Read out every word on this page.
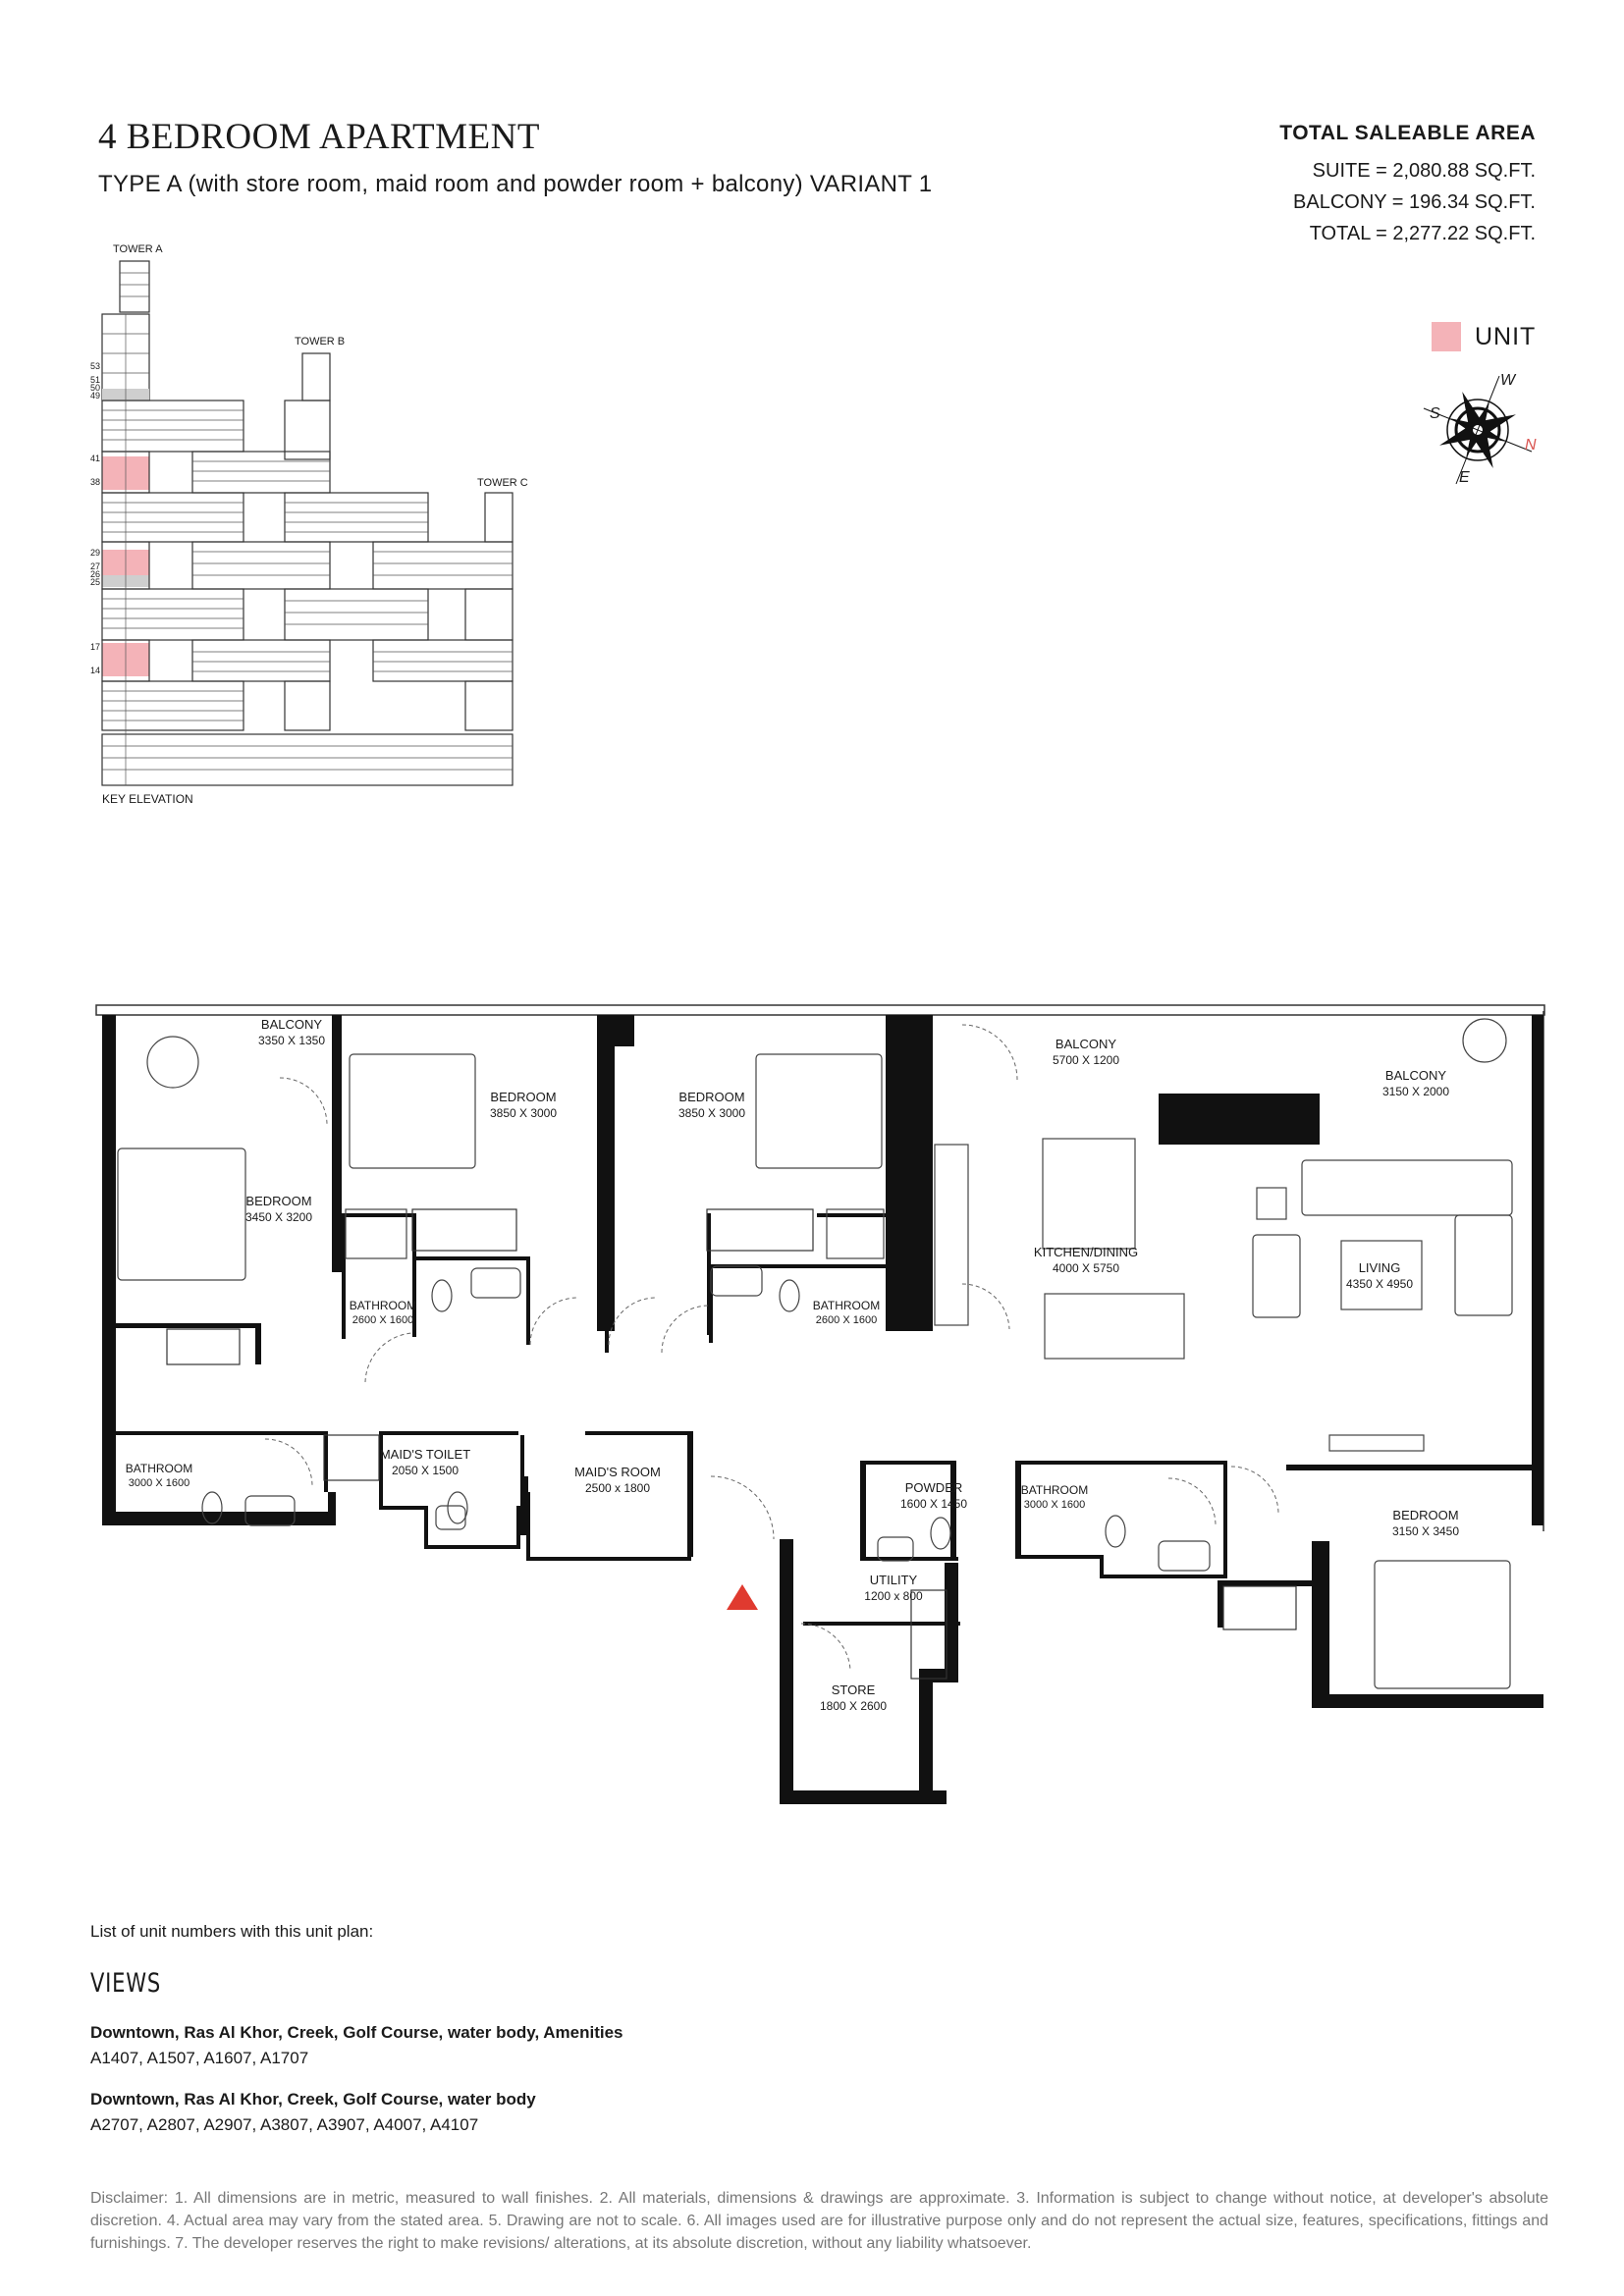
4 BEDROOM APARTMENT
TYPE A (with store room, maid room and powder room + balcony) VARIANT 1
TOTAL SALEABLE AREA
SUITE = 2,080.88 SQ.FT.
BALCONY = 196.34 SQ.FT.
TOTAL = 2,277.22 SQ.FT.
UNIT
W
S
N
E
TOWER A
TOWER B
TOWER C
53
51
50
49
41
38
29
27
26
25
17
14
KEY ELEVATION
BALCONY
3350 X 1350
BEDROOM
3850 X 3000
BEDROOM
3850 X 3000
BALCONY
5700 X 1200
BALCONY
3150 X 2000
BEDROOM
3450 X 3200
BATHROOM
2600 X 1600
BATHROOM
2600 X 1600
KITCHEN/DINING
4000 X 5750	LIVING
4350 X 4950
BATHROOM
3000 X 1600
MAID'S TOILET
2050 X 1500	MAID'S ROOM
2500 x 1800	POWDER
1600 X 1450
BATHROOM
3000 X 1600
BEDROOM
3150 X 3450
UTILITY
1200 x 800
STORE
1800 X 2600
List of unit numbers with this unit plan:
VIEWS
Downtown, Ras Al Khor, Creek, Golf Course, water body, Amenities
A1407, A1507, A1607, A1707
Downtown, Ras Al Khor, Creek, Golf Course, water body
A2707, A2807, A2907, A3807, A3907, A4007, A4107
Disclaimer: 1. All dimensions are in metric, measured to wall finishes. 2. All materials, dimensions & drawings are approximate. 3. Information is subject to change without notice, at developer's absolute discretion. 4. Actual area may vary from the stated area. 5. Drawing are not to scale. 6. All images used are for illustrative purpose only and do not represent the actual size, features, specifications, fittings and furnishings. 7. The developer reserves the right to make revisions/ alterations, at its absolute discretion, without any liability whatsoever.
